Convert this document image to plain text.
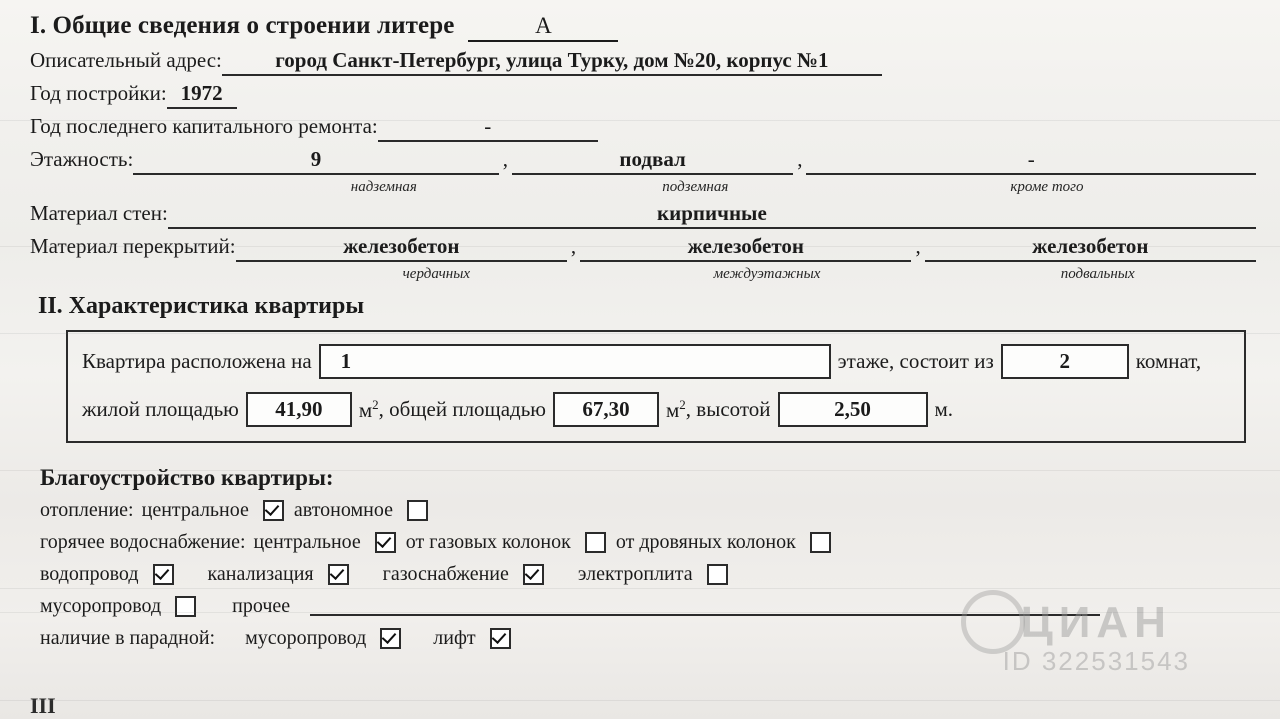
I. Общие сведения о строении литере	А
Описательный адрес:	город Санкт-Петербург, улица Турку, дом №20, корпус №1
Год постройки: 1972
Год последнего капитального ремонта:	-
Этажность:	9	,	подвал	,	-
надземная	подземная	кроме того
Материал стен:	кирпичные
Материал перекрытий:	железобетон	,	железобетон	,	железобетон
чердачных	междуэтажных	подвальных
II. Характеристика квартиры
Квартира расположена на	1	этаже, состоит из	2	комнат,
жилой площадью	41,90	$м^2$ , общей площадью	67,30	$м^2$ , высотой	2,50	м.
Благоустройство квартиры:
отопление: центральное автономное
горячее водоснабжение: центральное от газовых колонок от дровяных колонок
водопровод	канализация	газоснабжение	электроплита
мусоропровод	прочее
наличие в парадной: мусоропровод	лифт
III
ЦИАН
ID 322531543
